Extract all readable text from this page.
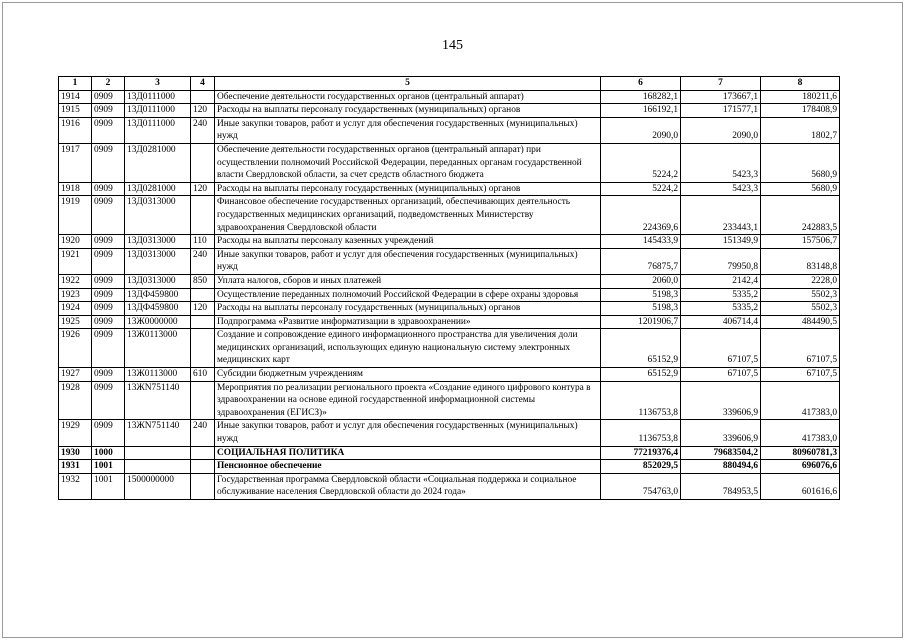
145
1	2	3	4	5	6	7	8
1914	0909	13Д0111000		Обеспечение деятельности государственных органов (центральный аппарат)	168282,1	173667,1	180211,6
1915	0909	13Д0111000	120	Расходы на выплаты персоналу государственных (муниципальных) органов	166192,1	171577,1	178408,9
1916	0909	13Д0111000	240	Иные закупки товаров, работ и услуг для обеспечения государственных (муниципальных) нужд	2090,0	2090,0	1802,7
1917	0909	13Д0281000		Обеспечение деятельности государственных органов (центральный аппарат) при осуществлении полномочий Российской Федерации, переданных органам государственной власти Свердловской области, за счет средств областного бюджета	5224,2	5423,3	5680,9
1918	0909	13Д0281000	120	Расходы на выплаты персоналу государственных (муниципальных) органов	5224,2	5423,3	5680,9
1919	0909	13Д0313000		Финансовое обеспечение государственных организаций, обеспечивающих деятельность государственных медицинских организаций, подведомственных Министерству здравоохранения Свердловской области	224369,6	233443,1	242883,5
1920	0909	13Д0313000	110	Расходы на выплаты персоналу казенных учреждений	145433,9	151349,9	157506,7
1921	0909	13Д0313000	240	Иные закупки товаров, работ и услуг для обеспечения государственных (муниципальных) нужд	76875,7	79950,8	83148,8
1922	0909	13Д0313000	850	Уплата налогов, сборов и иных платежей	2060,0	2142,4	2228,0
1923	0909	13ДФ459800		Осуществление переданных полномочий Российской Федерации в сфере охраны здоровья	5198,3	5335,2	5502,3
1924	0909	13ДФ459800	120	Расходы на выплаты персоналу государственных (муниципальных) органов	5198,3	5335,2	5502,3
1925	0909	13Ж0000000		Подпрограмма «Развитие информатизации в здравоохранении»	1201906,7	406714,4	484490,5
1926	0909	13Ж0113000		Создание и сопровождение единого информационного пространства для увеличения доли медицинских организаций, использующих единую национальную систему электронных медицинских карт	65152,9	67107,5	67107,5
1927	0909	13Ж0113000	610	Субсидии бюджетным учреждениям	65152,9	67107,5	67107,5
1928	0909	13ЖN751140		Мероприятия по реализации регионального проекта «Создание единого цифрового контура в здравоохранении на основе единой государственной информационной системы здравоохранения (ЕГИСЗ)»	1136753,8	339606,9	417383,0
1929	0909	13ЖN751140	240	Иные закупки товаров, работ и услуг для обеспечения государственных (муниципальных) нужд	1136753,8	339606,9	417383,0
1930	1000			СОЦИАЛЬНАЯ ПОЛИТИКА	77219376,4	79683504,2	80960781,3
1931	1001			Пенсионное обеспечение	852029,5	880494,6	696076,6
1932	1001	1500000000		Государственная программа Свердловской области «Социальная поддержка и социальное обслуживание населения Свердловской области до 2024 года»	754763,0	784953,5	601616,6
